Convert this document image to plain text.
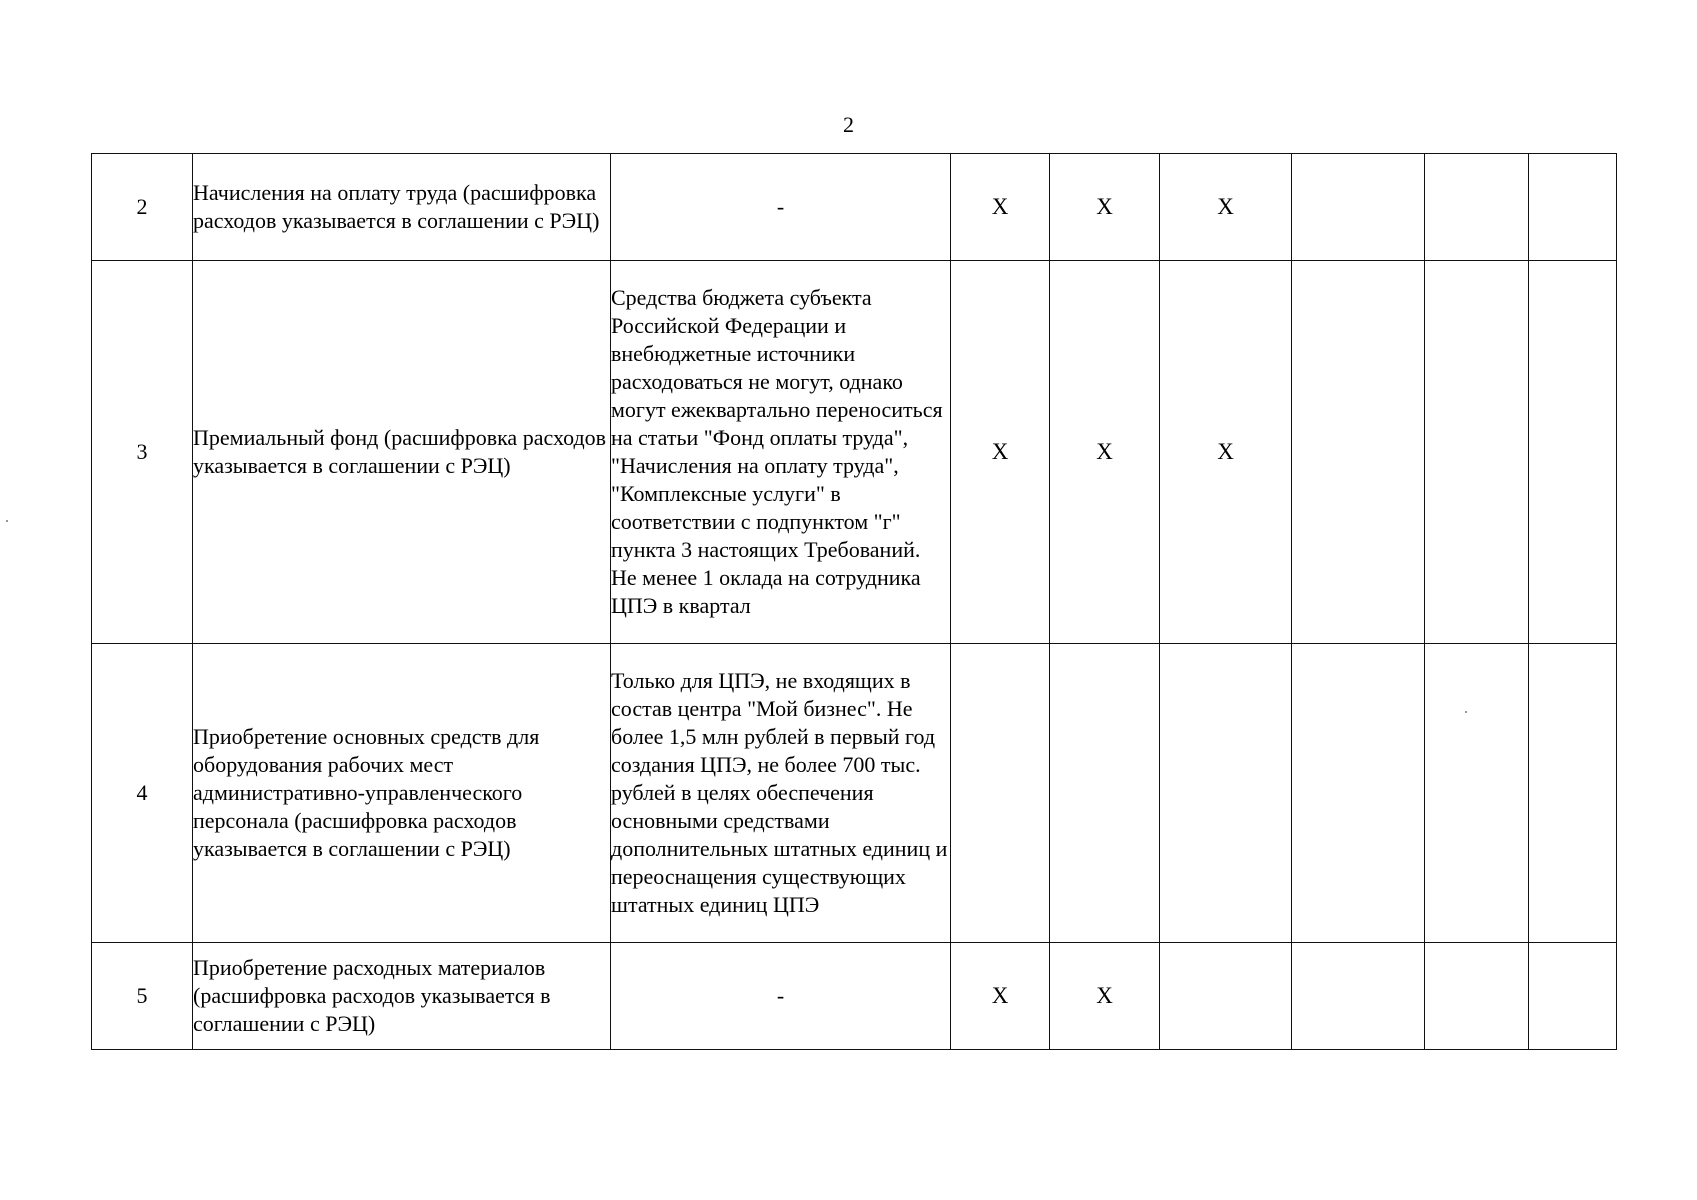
2
2	Начисления на оплату труда (расшифровка расходов указывается в соглашении с РЭЦ)	-	X	X	X			
3	Премиальный фонд (расшифровка расходов указывается в соглашении с РЭЦ)	Средства бюджета субъекта Российской Федерации и внебюджетные источники расходоваться не могут, однако могут ежеквартально переноситься на статьи "Фонд оплаты труда", "Начисления на оплату труда", "Комплексные услуги" в соответствии с подпунктом "г" пункта 3 настоящих Требований. Не менее 1 оклада на сотрудника ЦПЭ в квартал	X	X	X			
4	Приобретение основных средств для оборудования рабочих мест административно-управленческого персонала (расшифровка расходов указывается в соглашении с РЭЦ)	Только для ЦПЭ, не входящих в состав центра "Мой бизнес". Не более 1,5 млн рублей в первый год создания ЦПЭ, не более 700 тыс. рублей в целях обеспечения основными средствами дополнительных штатных единиц и переоснащения существующих штатных единиц ЦПЭ						
5	Приобретение расходных материалов (расшифровка расходов указывается в соглашении с РЭЦ)	-	X	X				
